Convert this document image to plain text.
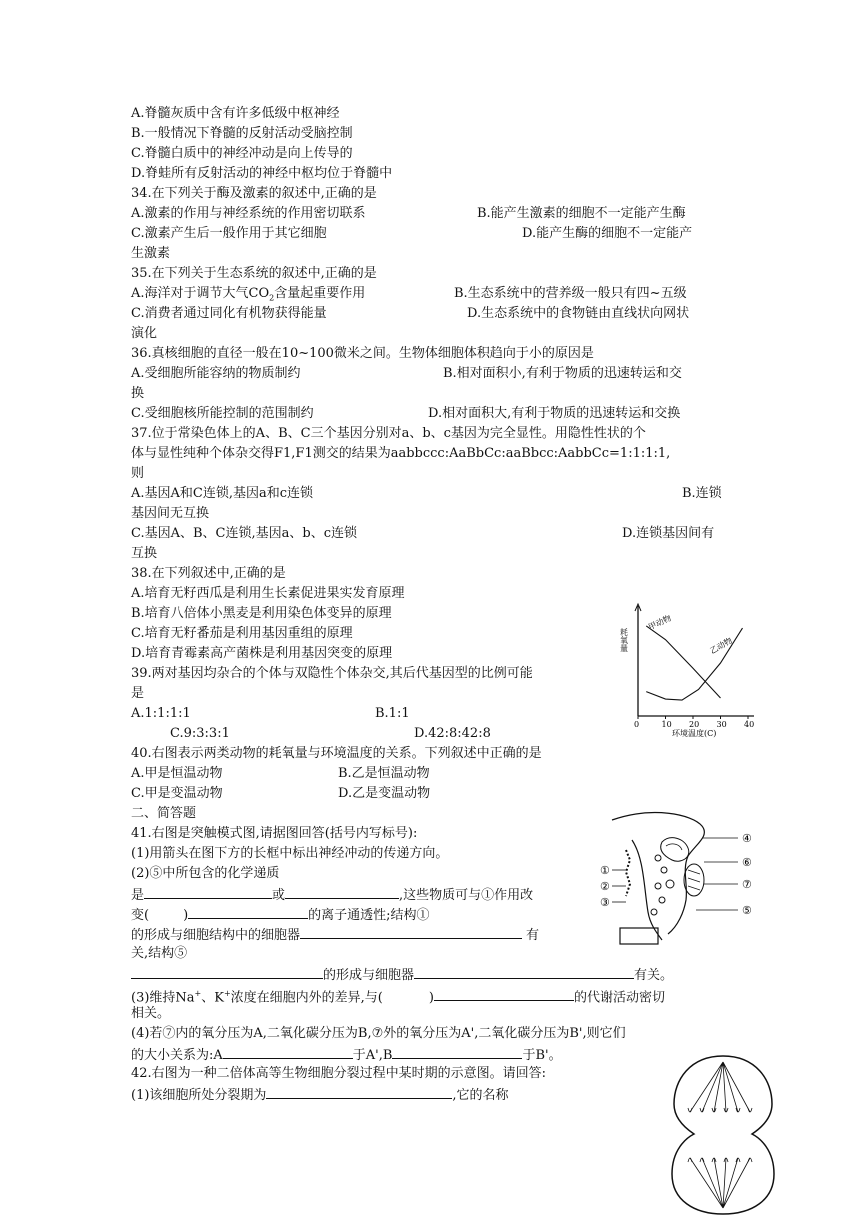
A.脊髓灰质中含有许多低级中枢神经
B.一般情况下脊髓的反射活动受脑控制
C.脊髓白质中的神经冲动是向上传导的
D.脊蛙所有反射活动的神经中枢均位于脊髓中
34.在下列关于酶及激素的叙述中,正确的是
A.激素的作用与神经系统的作用密切联系	B.能产生激素的细胞不一定能产生酶
C.激素产生后一般作用于其它细胞	D.能产生酶的细胞不一定能产
生激素
35.在下列关于生态系统的叙述中,正确的是
A.海洋对于调节大气$CO_2$含量起重要作用	B.生态系统中的营养级一般只有四~五级
C.消费者通过同化有机物获得能量	D.生态系统中的食物链由直线状向网状
演化
36.真核细胞的直径一般在10~100微米之间。生物体细胞体积趋向于小的原因是
A.受细胞所能容纳的物质制约	B.相对面积小,有利于物质的迅速转运和交
换
C.受细胞核所能控制的范围制约	D.相对面积大,有利于物质的迅速转运和交换
37.位于常染色体上的A、B、C三个基因分别对a、b、c基因为完全显性。用隐性性状的个
体与显性纯种个体杂交得F1,F1测交的结果为aabbccc:AaBbCc:aaBbcc:AabbCc=1:1:1:1,
则
A.基因A和C连锁,基因a和c连锁	B.连锁
基因间无互换
C.基因A、B、C连锁,基因a、b、c连锁	D.连锁基因间有
互换
38.在下列叙述中,正确的是
A.培育无籽西瓜是利用生长素促进果实发育原理
B.培育八倍体小黑麦是利用染色体变异的原理
C.培育无籽番茄是利用基因重组的原理
D.培育青霉素高产菌株是利用基因突变的原理
39.两对基因均杂合的个体与双隐性个体杂交,其后代基因型的比例可能
是
A.1:1:1:1	B.1:1
C.9:3:3:1	D.42:8:42:8
40.右图表示两类动物的耗氧量与环境温度的关系。下列叙述中正确的是
A.甲是恒温动物	B.乙是恒温动物
C.甲是变温动物	D.乙是变温动物
二、简答题
41.右图是突触模式图,请据图回答(括号内写标号):
(1)用箭头在图下方的长框中标出神经冲动的传递方向。
(2)⑤中所包含的化学递质
是	或	,这些物质可与①作用改
变(	)	的离子通透性;结构①
的形成与细胞结构中的细胞器	有
关,结构⑤
的形成与细胞器	有关。
(3)维持Na+、K+浓度在细胞内外的差异,与(	)	的代谢活动密切
相关。
(4)若⑦内的氧分压为A,二氧化碳分压为B,⑦外的氧分压为A',二氧化碳分压为B',则它们
的大小关系为:A	于A',B	于B'。
42.右图为一种二倍体高等生物细胞分裂过程中某时期的示意图。请回答:
(1)该细胞所处分裂期为	,它的名称
耗氧量
0	10 20 30 40
甲动物
乙动物
环境温度(C)
①
②
③
④
⑥
⑦
⑤
